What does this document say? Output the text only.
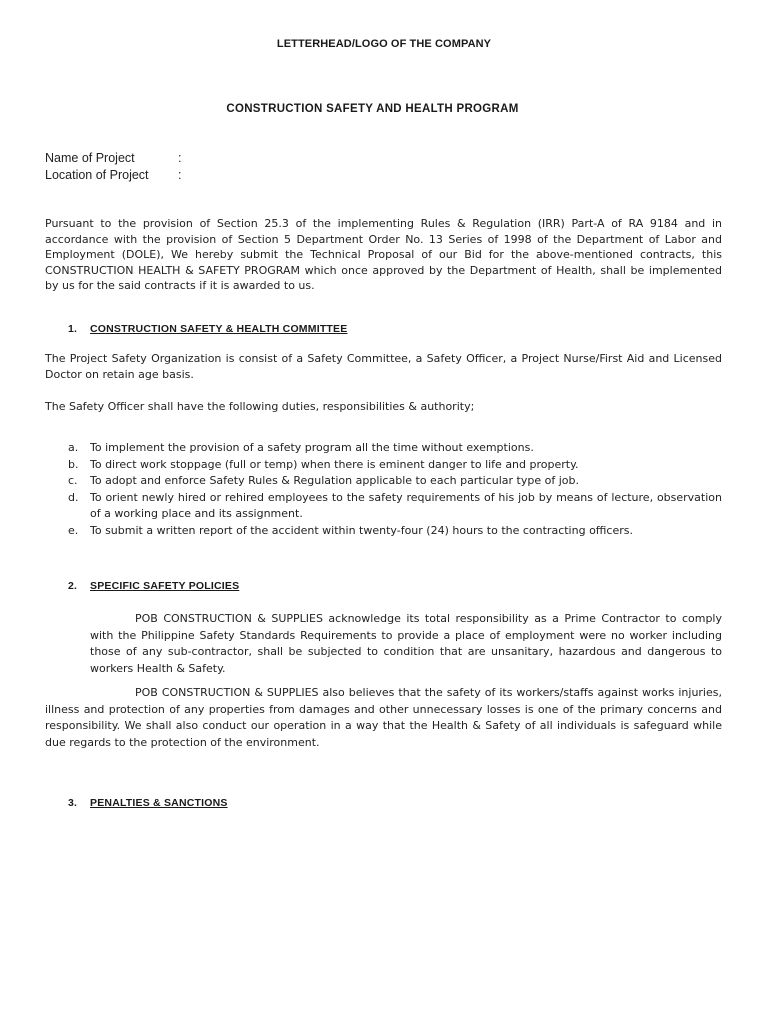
LETTERHEAD/LOGO OF THE COMPANY
CONSTRUCTION SAFETY AND HEALTH PROGRAM
Name of Project	:
Location of Project :
Pursuant to the provision of Section 25.3 of the implementing Rules & Regulation (IRR) Part-A of RA 9184 and in accordance with the provision of Section 5 Department Order No. 13 Series of 1998 of the Department of Labor and Employment (DOLE), We hereby submit the Technical Proposal of our Bid for the above-mentioned contracts, this CONSTRUCTION HEALTH & SAFETY PROGRAM which once approved by the Department of Health, shall be implemented by us for the said contracts if it is awarded to us.
1. CONSTRUCTION SAFETY & HEALTH COMMITTEE
The Project Safety Organization is consist of a Safety Committee, a Safety Officer, a Project Nurse/First Aid and Licensed Doctor on retain age basis.
The Safety Officer shall have the following duties, responsibilities & authority;
a. To implement the provision of a safety program all the time without exemptions.
b. To direct work stoppage (full or temp) when there is eminent danger to life and property.
c. To adopt and enforce Safety Rules & Regulation applicable to each particular type of job.
d. To orient newly hired or rehired employees to the safety requirements of his job by means of lecture, observation of a working place and its assignment.
e. To submit a written report of the accident within twenty-four (24) hours to the contracting officers.
2. SPECIFIC SAFETY POLICIES
POB CONSTRUCTION & SUPPLIES acknowledge its total responsibility as a Prime Contractor to comply with the Philippine Safety Standards Requirements to provide a place of employment were no worker including those of any sub-contractor, shall be subjected to condition that are unsanitary, hazardous and dangerous to workers Health & Safety.
POB CONSTRUCTION & SUPPLIES also believes that the safety of its workers/staffs against works injuries, illness and protection of any properties from damages and other unnecessary losses is one of the primary concerns and responsibility. We shall also conduct our operation in a way that the Health & Safety of all individuals is safeguard while due regards to the protection of the environment.
3. PENALTIES & SANCTIONS
